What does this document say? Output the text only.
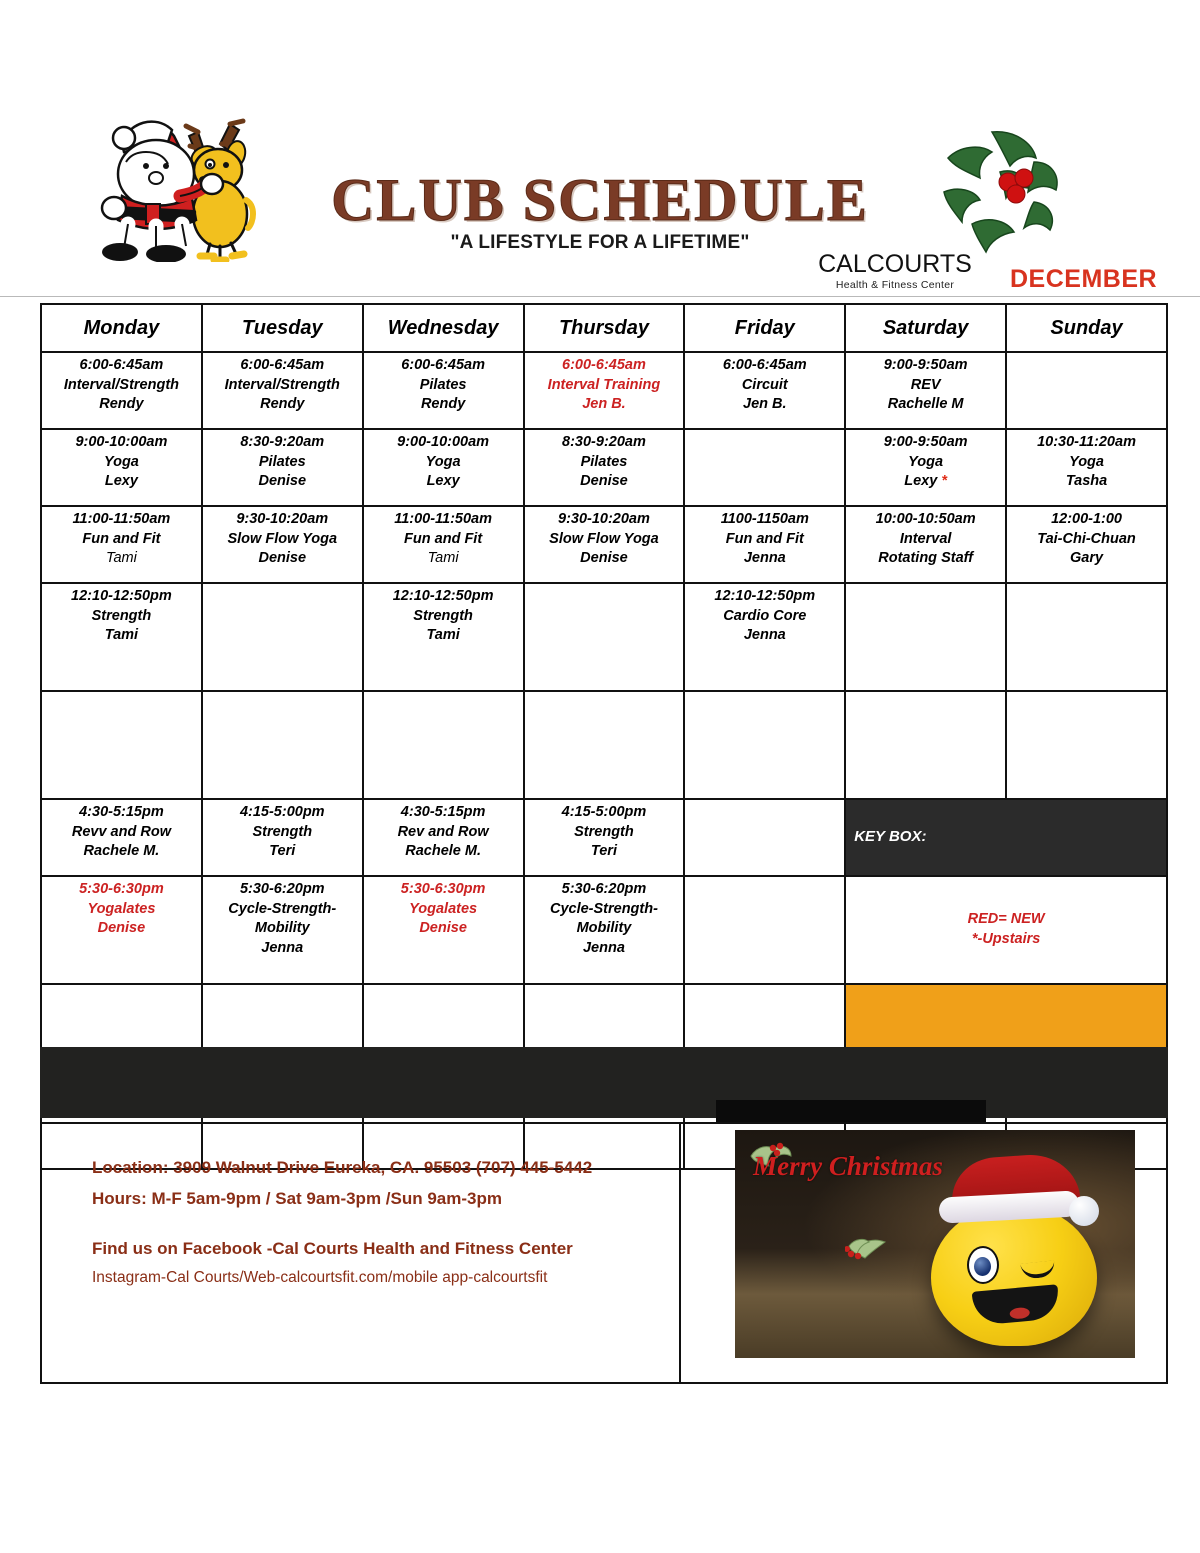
CLUB SCHEDULE
"A LIFESTYLE FOR A LIFETIME"
CALCOURTS
Health & Fitness Center	DECEMBER
Monday	Tuesday	Wednesday	Thursday	Friday	Saturday	Sunday

6:00-6:45am
Interval/Strength
Rendy	6:00-6:45am
Interval/Strength
Rendy	6:00-6:45am
Pilates
Rendy	6:00-6:45am
Interval Training
Jen B.	6:00-6:45am
Circuit
Jen B.	9:00-9:50am
REV
Rachelle M	

9:00-10:00am
Yoga
Lexy	8:30-9:20am
Pilates
Denise	9:00-10:00am
Yoga
Lexy	8:30-9:20am
Pilates
Denise		9:00-9:50am
Yoga
Lexy *	10:30-11:20am
Yoga
Tasha

11:00-11:50am
Fun and Fit
Tami	9:30-10:20am
Slow Flow Yoga
Denise	11:00-11:50am
Fun and Fit
Tami	9:30-10:20am
Slow Flow Yoga
Denise	1100-1150am
Fun and Fit
Jenna	10:00-10:50am
Interval
Rotating Staff	12:00-1:00
Tai-Chi-Chuan
Gary

12:10-12:50pm
Strength
Tami		12:10-12:50pm
Strength
Tami		12:10-12:50pm
Cardio Core
Jenna		

4:30-5:15pm
Revv and Row
Rachele M.	4:15-5:00pm
Strength
Teri	4:30-5:15pm
Rev and Row
Rachele M.	4:15-5:00pm
Strength
Teri		KEY BOX:	

5:30-6:30pm
Yogalates
Denise	5:30-6:20pm
Cycle-Strength-
Mobility
Jenna	5:30-6:30pm
Yogalates
Denise	5:30-6:20pm
Cycle-Strength-
Mobility
Jenna		RED= NEW
*-Upstairs	

Location: 3909 Walnut Drive Eureka, CA. 95503 (707) 445-5442
Hours: M-F 5am-9pm / Sat 9am-3pm /Sun 9am-3pm
Find us on Facebook -Cal Courts Health and Fitness Center
Instagram-Cal Courts/Web-calcourtsfit.com/mobile app-calcourtsfit
Merry Christmas
